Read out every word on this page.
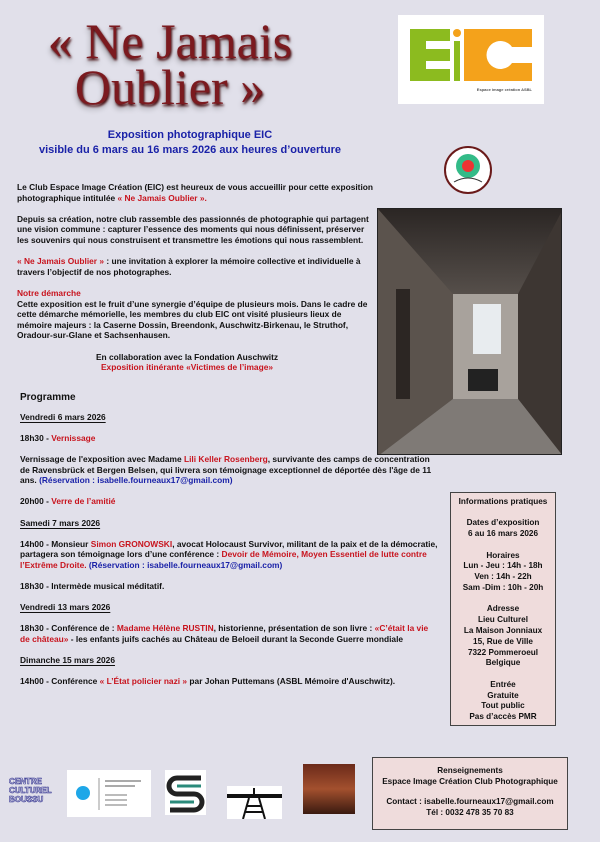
« Ne Jamais
Oublier »
Exposition photographique EIC
visible du 6 mars au 16 mars 2026 aux heures d’ouverture
Espace image création ASBL

Le Club Espace Image Création (EIC) est heureux de vous accueillir pour cette exposition photographique intitulée « Ne Jamais Oublier ».

Depuis sa création, notre club rassemble des passionnés de photographie qui partagent une vision commune : capturer l’essence des moments qui nous définissent, préserver les souvenirs qui nous construisent et transmettre les émotions qui nous rassemblent.

« Ne Jamais Oublier » : une invitation à explorer la mémoire collective et individuelle à travers l’objectif de nos photographes.

Notre démarche

Cette exposition est le fruit d’une synergie d’équipe de plusieurs mois. Dans le cadre de cette démarche mémorielle, les membres du club EIC ont visité plusieurs lieux de mémoire majeurs : la Caserne Dossin, Breendonk, Auschwitz-Birkenau, le Struthof, Oradour-sur-Glane et Sachsenhausen.

En collaboration avec la Fondation Auschwitz
Exposition itinérante «Victimes de l’image»

Programme

Vendredi 6 mars 2026

18h30 - Vernissage

Vernissage de l'exposition avec Madame Lili Keller Rosenberg, survivante des camps de concentration de Ravensbrück et Bergen Belsen, qui livrera son témoignage exceptionnel de déportée dès l'âge de 11 ans. (Réservation : isabelle.fourneaux17@gmail.com)

20h00 - Verre de l’amitié

Samedi 7 mars 2026

14h00 - Monsieur Simon GRONOWSKI, avocat Holocaust Survivor, militant de la paix et de la démocratie, partagera son témoignage lors d’une conférence : Devoir de Mémoire, Moyen Essentiel de lutte contre l’Extrême Droite. (Réservation : isabelle.fourneaux17@gmail.com)

18h30 - Intermède musical méditatif.

Vendredi 13 mars 2026

18h30 - Conférence de : Madame Hélène RUSTIN, historienne, présentation de son livre : «C’était la vie de château» - les enfants juifs cachés au Château de Beloeil durant la Seconde Guerre mondiale

Dimanche 15 mars 2026

14h00 - Conférence « L’État policier nazi » par Johan Puttemans (ASBL Mémoire d'Auschwitz).

Informations pratiques
Dates d’exposition
6 au 16 mars 2026
Horaires
Lun - Jeu : 14h - 18h
Ven : 14h - 22h
Sam -Dim : 10h - 20h
Adresse
Lieu Culturel
La Maison Jonniaux
15, Rue de Ville
7322 Pommeroeul
Belgique
Entrée
Gratuite
Tout public
Pas d’accès PMR
CENTRE CULTUREL BOUSSU
Renseignements
Espace Image Création Club Photographique
Contact : isabelle.fourneaux17@gmail.com
Tél : 0032 478 35 70 83
